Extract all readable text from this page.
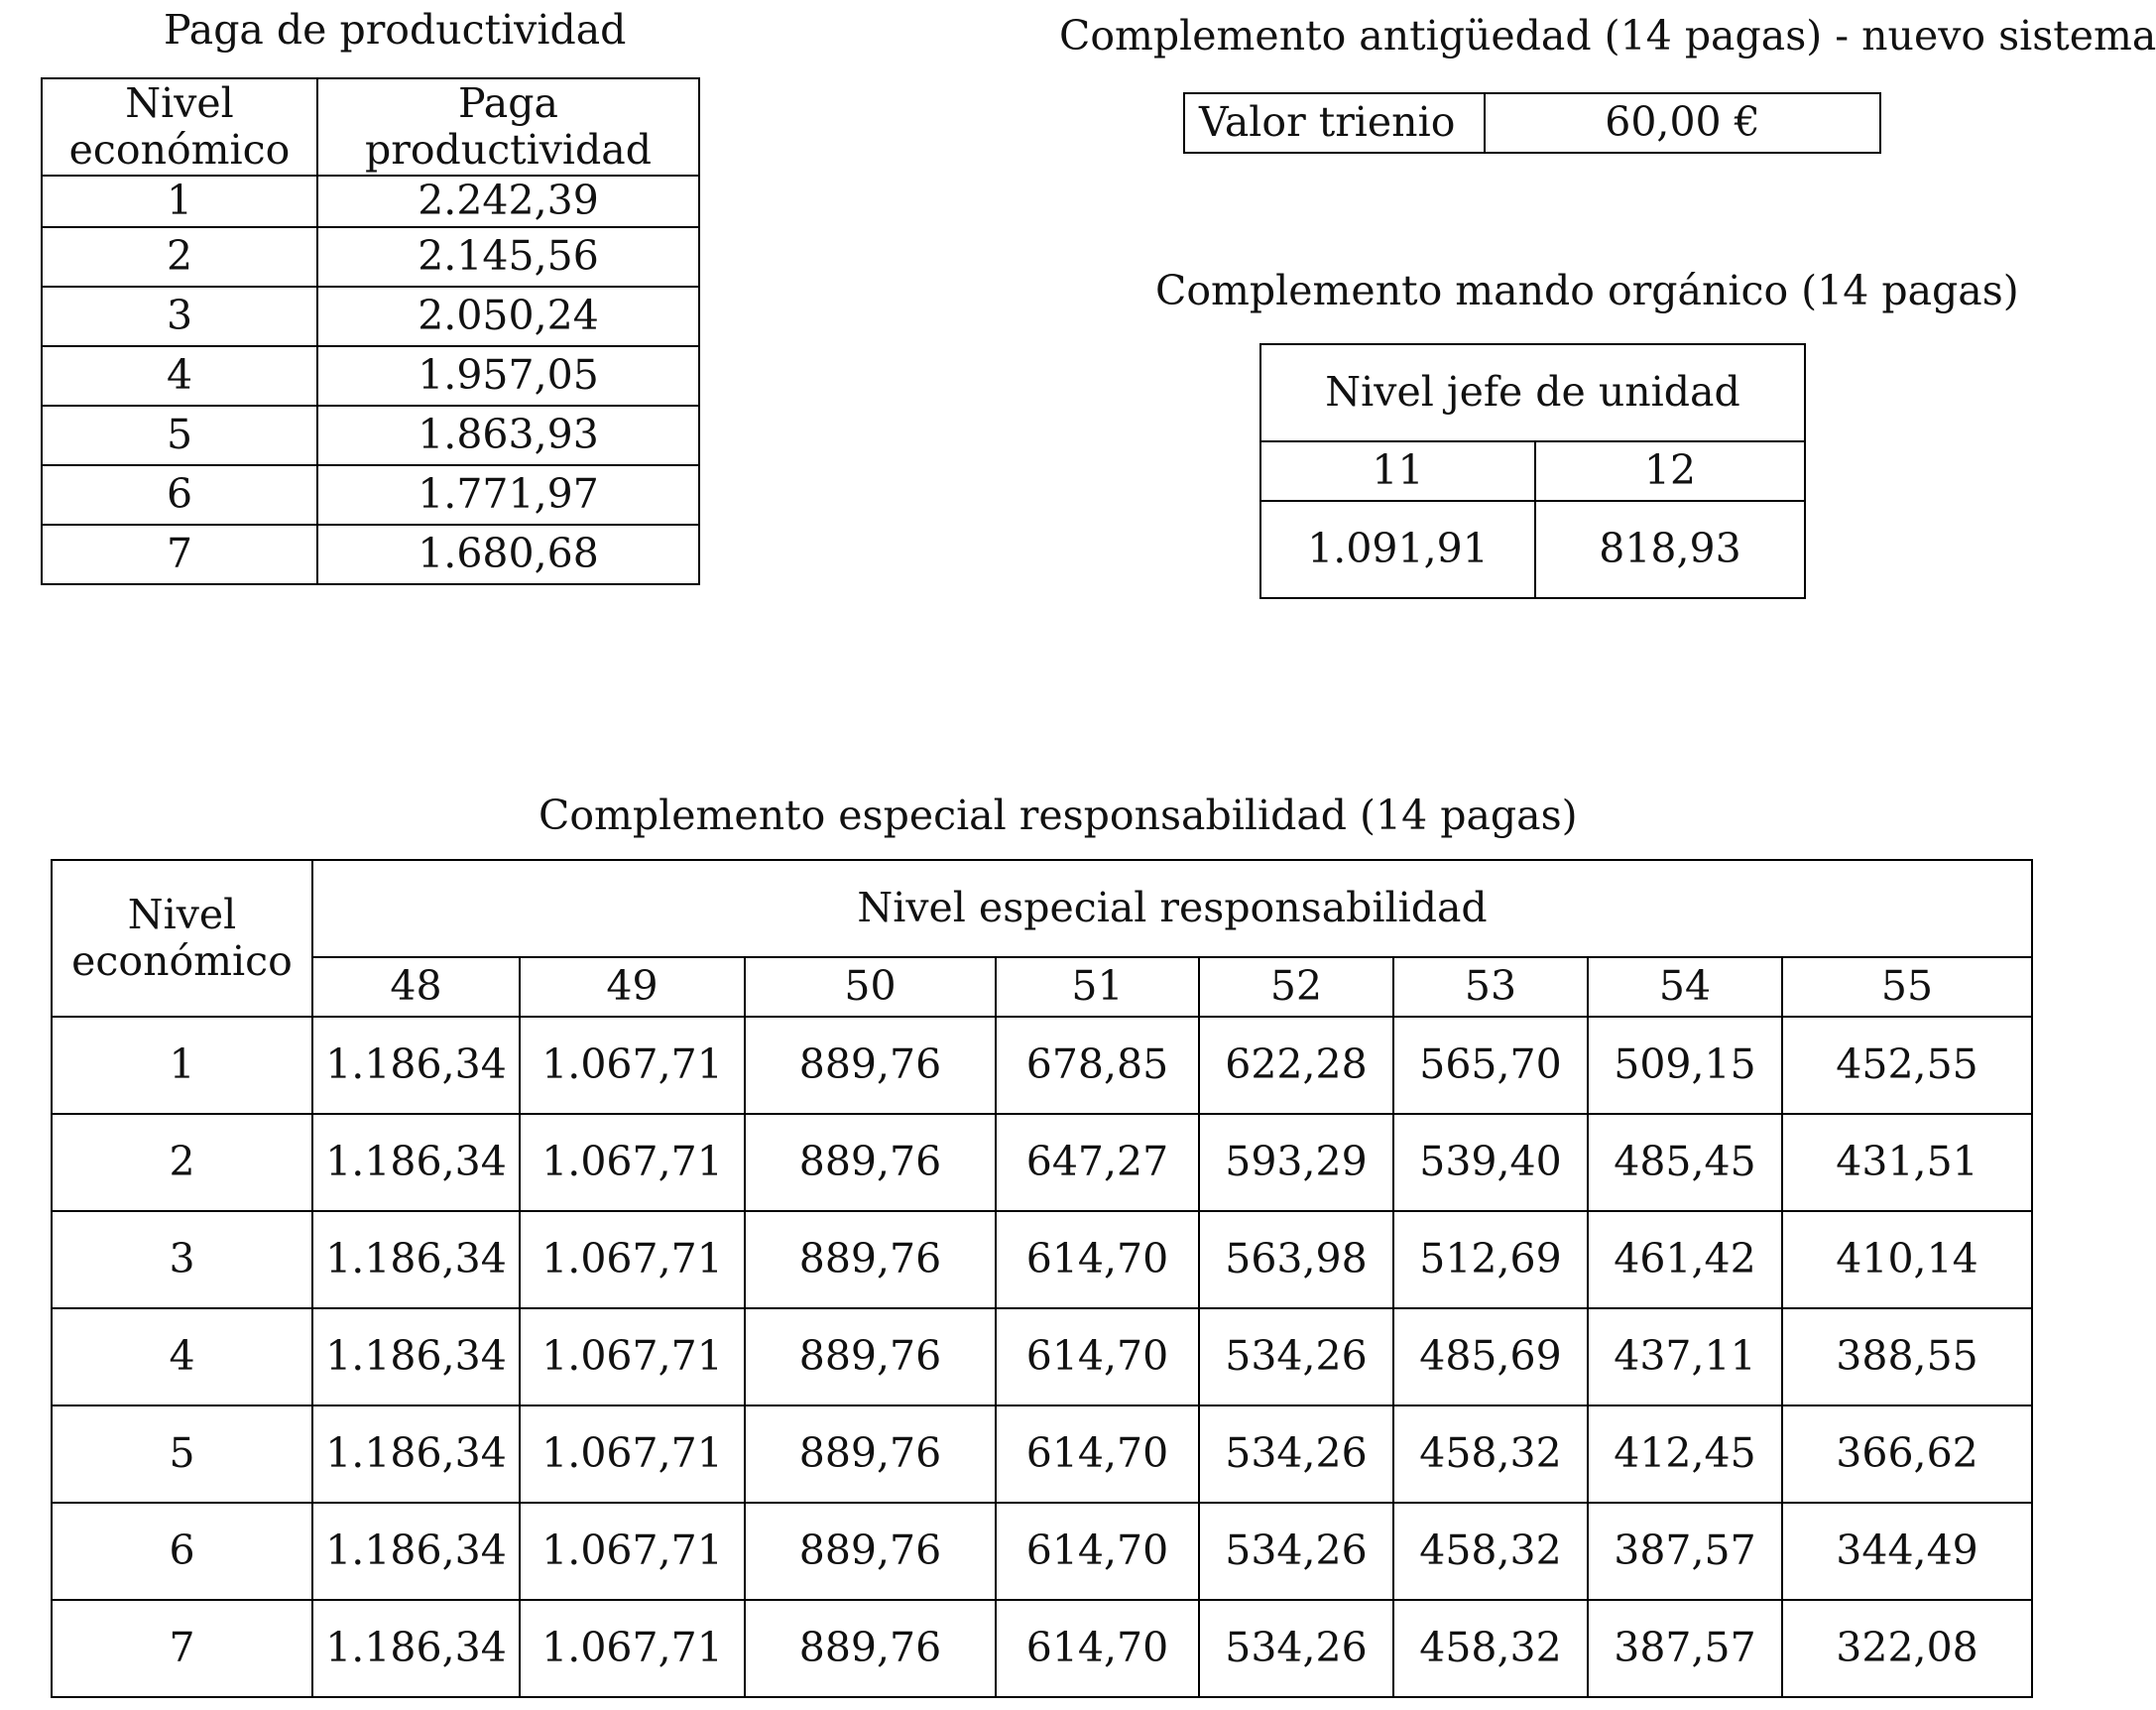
Paga de productividad
Nivel económico	Paga productividad
1	2.242,39
2	2.145,56
3	2.050,24
4	1.957,05
5	1.863,93
6	1.771,97
7	1.680,68
Complemento antigüedad (14 pagas) - nuevo sistema
Valor trienio	60,00 €
Complemento mando orgánico (14 pagas)
Nivel jefe de unidad	
11	12
1.091,91	818,93
Complemento especial responsabilidad (14 pagas)
Nivel económico	Nivel especial responsabilidad							
	48	49	50	51	52	53	54	55
1	1.186,34	1.067,71	889,76	678,85	622,28	565,70	509,15	452,55
2	1.186,34	1.067,71	889,76	647,27	593,29	539,40	485,45	431,51
3	1.186,34	1.067,71	889,76	614,70	563,98	512,69	461,42	410,14
4	1.186,34	1.067,71	889,76	614,70	534,26	485,69	437,11	388,55
5	1.186,34	1.067,71	889,76	614,70	534,26	458,32	412,45	366,62
6	1.186,34	1.067,71	889,76	614,70	534,26	458,32	387,57	344,49
7	1.186,34	1.067,71	889,76	614,70	534,26	458,32	387,57	322,08
